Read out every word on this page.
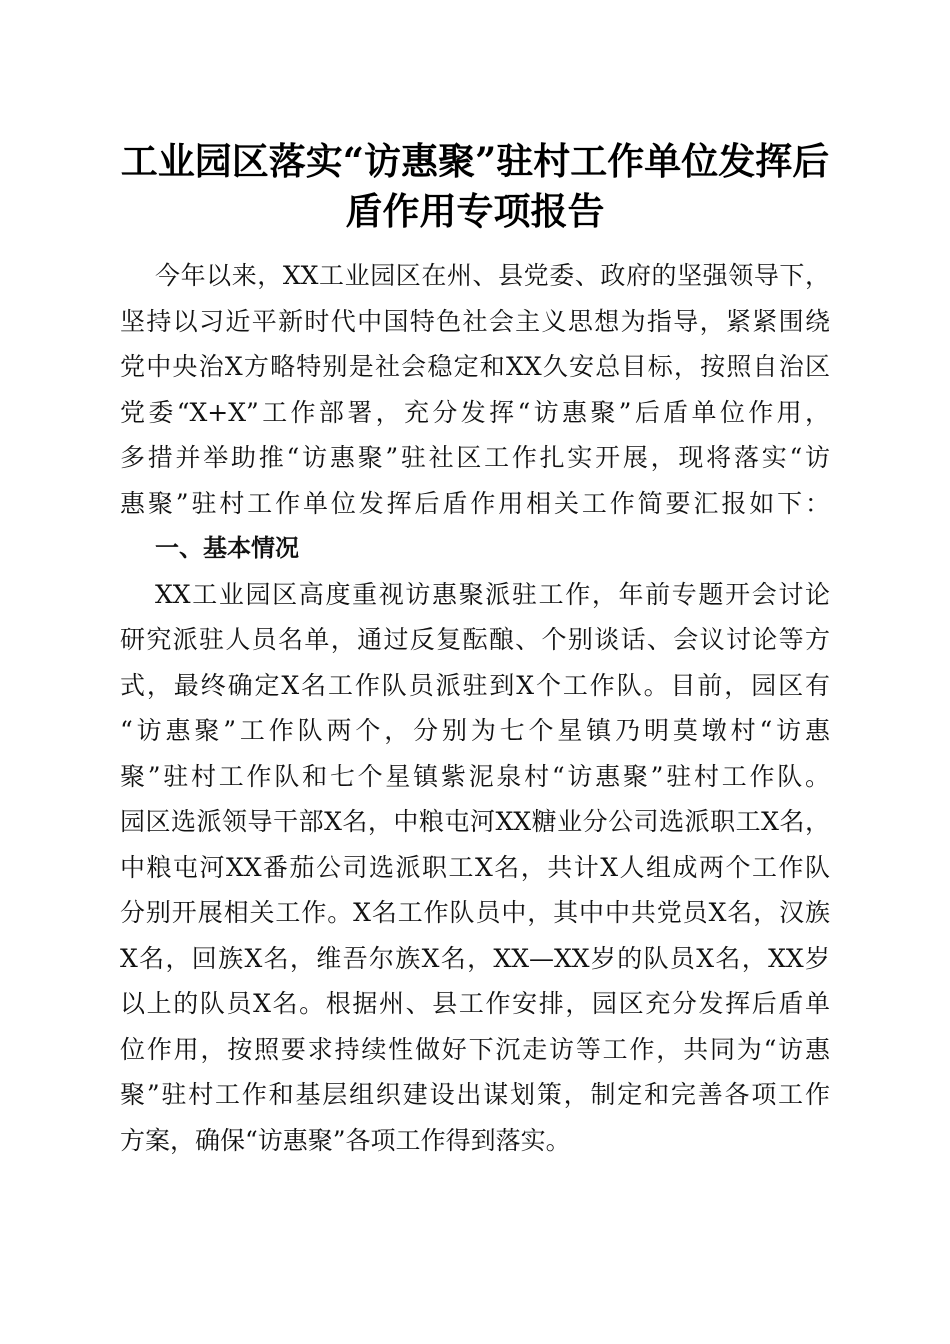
工业园区落实“访惠聚”驻村工作单位发挥后
盾作用专项报告
今年以来，XX工业园区在州、县党委、政府的坚强领导下，
坚持以习近平新时代中国特色社会主义思想为指导，紧紧围绕
党中央治X方略特别是社会稳定和XX久安总目标，按照自治区
党委“X+X”工作部署，充分发挥“访惠聚”后盾单位作用，
多措并举助推“访惠聚”驻社区工作扎实开展，现将落实“访
惠聚”驻村工作单位发挥后盾作用相关工作简要汇报如下：
一、基本情况
XX工业园区高度重视访惠聚派驻工作，年前专题开会讨论
研究派驻人员名单，通过反复酝酿、个别谈话、会议讨论等方
式，最终确定X名工作队员派驻到X个工作队。目前，园区有
“访惠聚”工作队两个，分别为七个星镇乃明莫墩村“访惠
聚”驻村工作队和七个星镇紫泥泉村“访惠聚”驻村工作队。
园区选派领导干部X名，中粮屯河XX糖业分公司选派职工X名，
中粮屯河XX番茄公司选派职工X名，共计X人组成两个工作队
分别开展相关工作。X名工作队员中，其中中共党员X名，汉族
X名，回族X名，维吾尔族X名，XX—XX岁的队员X名，XX岁
以上的队员X名。根据州、县工作安排，园区充分发挥后盾单
位作用，按照要求持续性做好下沉走访等工作，共同为“访惠
聚”驻村工作和基层组织建设出谋划策，制定和完善各项工作
方案，确保“访惠聚”各项工作得到落实。
